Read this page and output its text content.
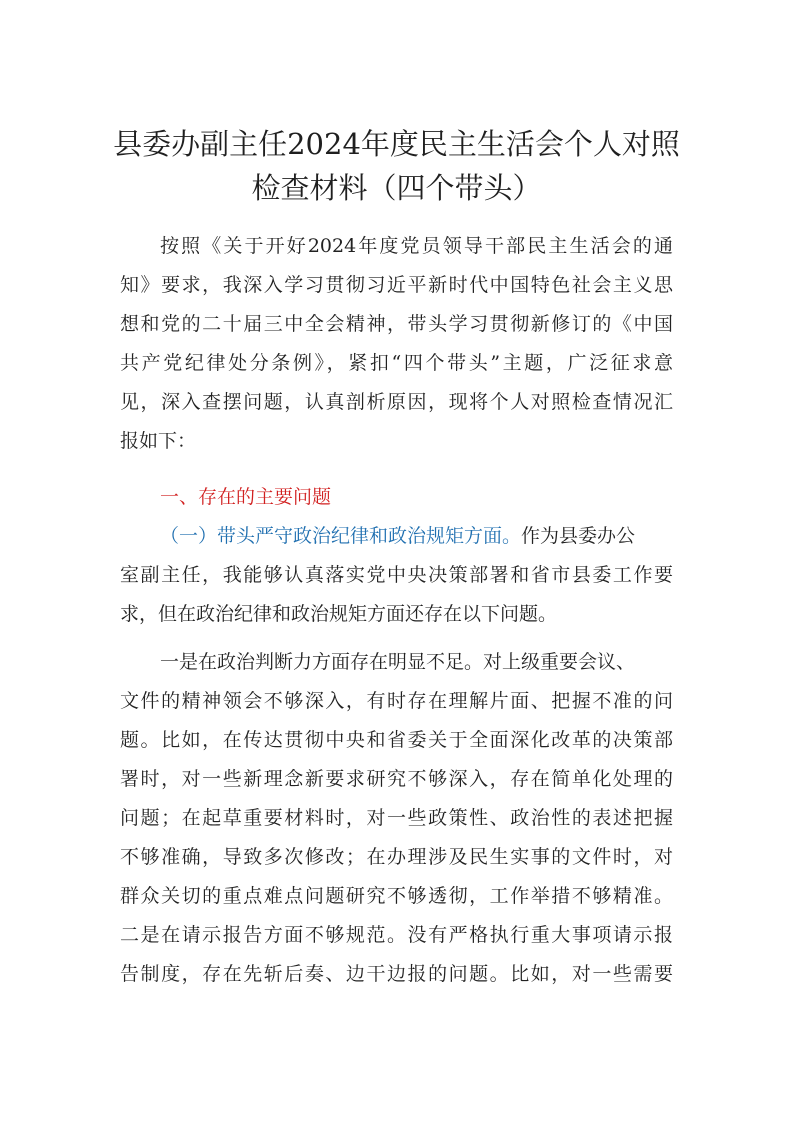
县委办副主任2024年度民主生活会个人对照
检查材料（四个带头）
按照《关于开好2024年度党员领导干部民主生活会的通
知》要求，我深入学习贯彻习近平新时代中国特色社会主义思
想和党的二十届三中全会精神，带头学习贯彻新修订的《中国
共产党纪律处分条例》，紧扣“四个带头”主题，广泛征求意
见，深入查摆问题，认真剖析原因，现将个人对照检查情况汇
报如下：
一、存在的主要问题
（一）带头严守政治纪律和政治规矩方面。作为县委办公
室副主任，我能够认真落实党中央决策部署和省市县委工作要
求，但在政治纪律和政治规矩方面还存在以下问题。
一是在政治判断力方面存在明显不足。对上级重要会议、
文件的精神领会不够深入，有时存在理解片面、把握不准的问
题。比如，在传达贯彻中央和省委关于全面深化改革的决策部
署时，对一些新理念新要求研究不够深入，存在简单化处理的
问题；在起草重要材料时，对一些政策性、政治性的表述把握
不够准确，导致多次修改；在办理涉及民生实事的文件时，对
群众关切的重点难点问题研究不够透彻，工作举措不够精准。
二是在请示报告方面不够规范。没有严格执行重大事项请示报
告制度，存在先斩后奏、边干边报的问题。比如，对一些需要
